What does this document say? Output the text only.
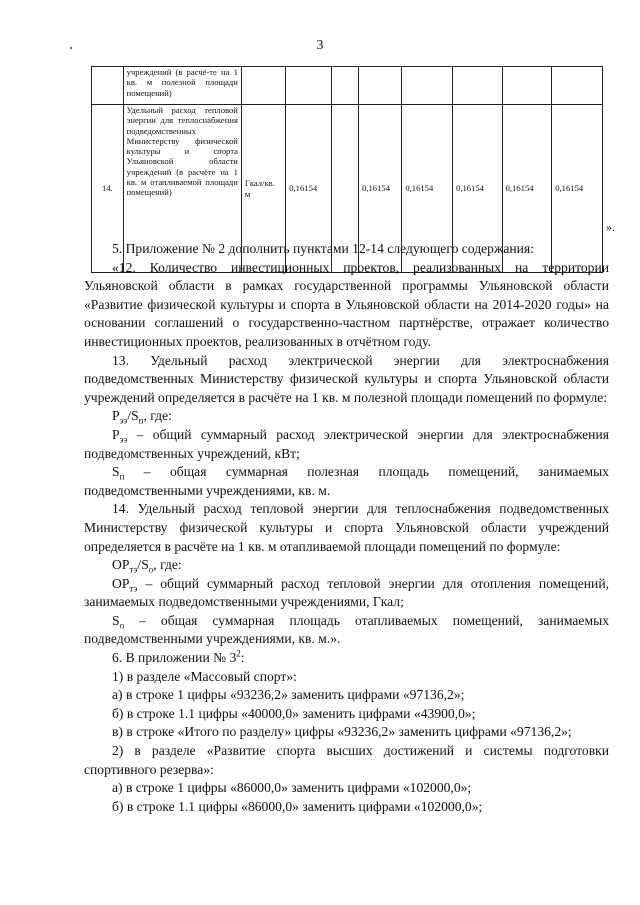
3
	учреждений (в расчё-те на 1 кв. м полезной площади помещений)								
14.	Удельный расход тепловой энергии для теплоснабжения подведомственных Министерству физической культуры и спорта Ульяновской области учреждений (в расчёте на 1 кв. м отапливаемой площади помещений)	Гкал/кв. м	0,16154		0,16154	0,16154	0,16154	0,16154	0,16154
».

5. Приложение № 2 дополнить пунктами 12-14 следующего содержания:

«12. Количество инвестиционных проектов, реализованных на территории Ульяновской области в рамках государственной программы Ульяновской области «Развитие физической культуры и спорта в Ульяновской области на 2014-2020 годы» на основании соглашений о государственно-частном партнёрстве, отражает количество инвестиционных проектов, реализованных в отчётном году.

13. Удельный расход электрической энергии для электроснабжения подведомственных Министерству физической культуры и спорта Ульяновской области учреждений определяется в расчёте на 1 кв. м полезной площади помещений по формуле:

$Р_{ээ}/S_п$, где:

$Р_{ээ}$ – общий суммарный расход электрической энергии для электроснабжения подведомственных учреждений, кВт;

$S_п$ – общая суммарная полезная площадь помещений, занимаемых подведомственными учреждениями, кв. м.

14. Удельный расход тепловой энергии для теплоснабжения подведомственных Министерству физической культуры и спорта Ульяновской области учреждений определяется в расчёте на 1 кв. м отапливаемой площади помещений по формуле:

$ОР_{тэ}/S_о$, где:

$ОР_{тэ}$ – общий суммарный расход тепловой энергии для отопления помещений, занимаемых подведомственными учреждениями, Гкал;

$S_о$ – общая суммарная площадь отапливаемых помещений, занимаемых подведомственными учреждениями, кв. м.».

6. В приложении № $3^2$:

1) в разделе «Массовый спорт»:

а) в строке 1 цифры «93236,2» заменить цифрами «97136,2»;

б) в строке 1.1 цифры «40000,0» заменить цифрами «43900,0»;

в) в строке «Итого по разделу» цифры «93236,2» заменить цифрами «97136,2»;

2) в разделе «Развитие спорта высших достижений и системы подготовки спортивного резерва»:

а) в строке 1 цифры «86000,0» заменить цифрами «102000,0»;

б) в строке 1.1 цифры «86000,0» заменить цифрами «102000,0»;
